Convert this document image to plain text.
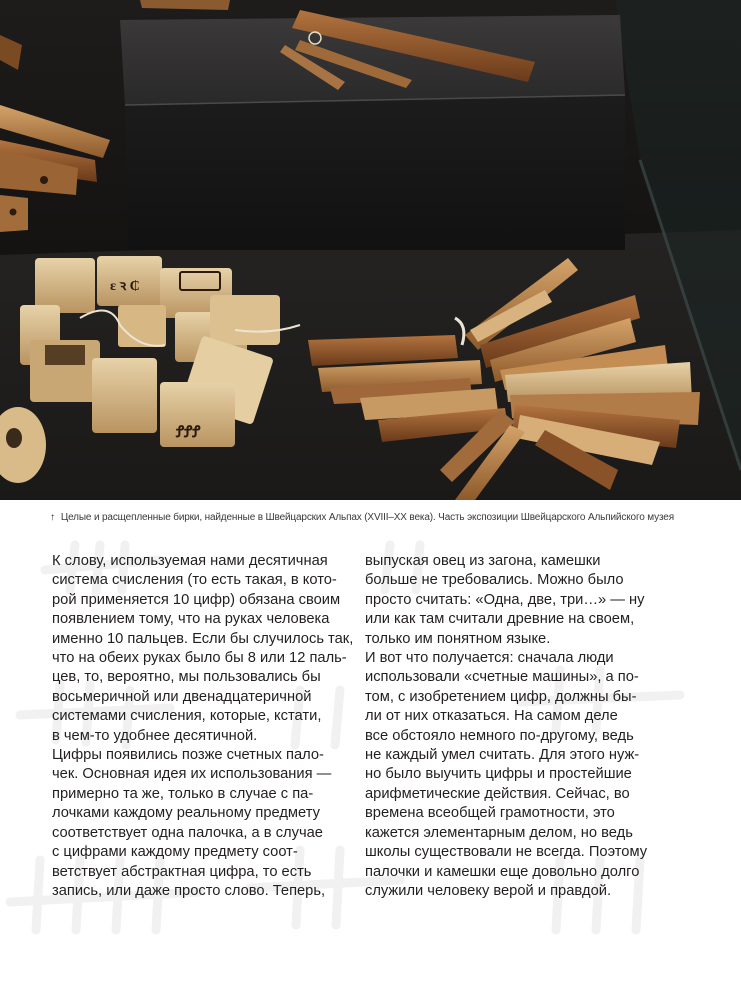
ɛ ꝛ ₵
ꝬꝬꝬ
↑ Целые и расщепленные бирки, найденные в Швейцарских Альпах (XVIII–XX века). Часть экспозиции Швейцарского Альпийского музея
К слову, используемая нами десятичная
система счисления (то есть такая, в кото-
рой применяется 10 цифр) обязана своим
появлением тому, что на руках человека
именно 10 пальцев. Если бы случилось так,
что на обеих руках было бы 8 или 12 паль-
цев, то, вероятно, мы пользовались бы
восьмеричной или двенадцатеричной
системами счисления, которые, кстати,
в чем-то удобнее десятичной.
Цифры появились позже счетных пало-
чек. Основная идея их использования —
примерно та же, только в случае с па-
лочками каждому реальному предмету
соответствует одна палочка, а в случае
с цифрами каждому предмету соот-
ветствует абстрактная цифра, то есть
запись, или даже просто слово. Теперь,
выпуская овец из загона, камешки
больше не требовались. Можно было
просто считать: «Одна, две, три…» — ну
или как там считали древние на своем,
только им понятном языке.
И вот что получается: сначала люди
использовали «счетные машины», а по-
том, с изобретением цифр, должны бы-
ли от них отказаться. На самом деле
все обстояло немного по-другому, ведь
не каждый умел считать. Для этого нуж-
но было выучить цифры и простейшие
арифметические действия. Сейчас, во
времена всеобщей грамотности, это
кажется элементарным делом, но ведь
школы существовали не всегда. Поэтому
палочки и камешки еще довольно долго
служили человеку верой и правдой.
